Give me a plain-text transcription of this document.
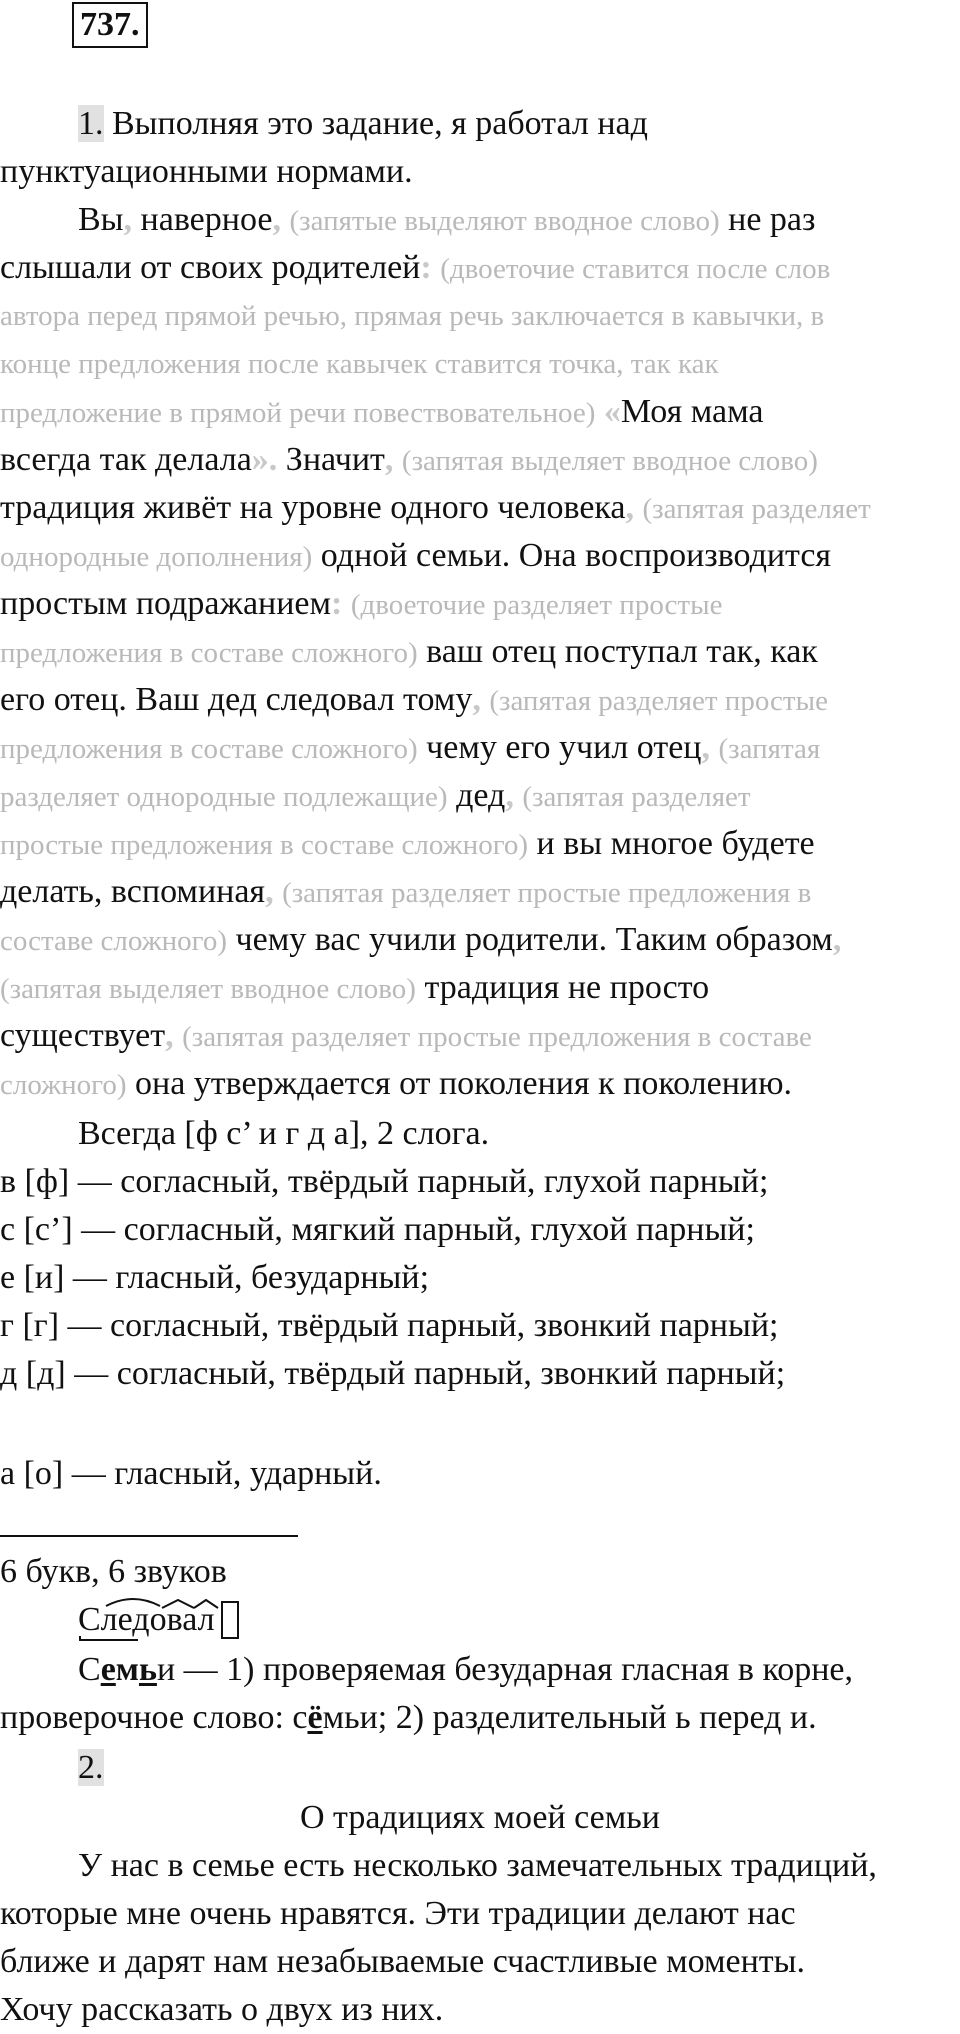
737.
1. Выполняя это задание, я работал над
пунктуационными нормами.
Вы, наверное, (запятые выделяют вводное слово) не раз
слышали от своих родителей: (двоеточие ставится после слов
автора перед прямой речью, прямая речь заключается в кавычки, в
конце предложения после кавычек ставится точка, так как
предложение в прямой речи повествовательное) «Моя мама
всегда так делала». Значит, (запятая выделяет вводное слово)
традиция живёт на уровне одного человека, (запятая разделяет
однородные дополнения) одной семьи. Она воспроизводится
простым подражанием: (двоеточие разделяет простые
предложения в составе сложного) ваш отец поступал так, как
его отец. Ваш дед следовал тому, (запятая разделяет простые
предложения в составе сложного) чему его учил отец, (запятая
разделяет однородные подлежащие) дед, (запятая разделяет
простые предложения в составе сложного) и вы многое будете
делать, вспоминая, (запятая разделяет простые предложения в
составе сложного) чему вас учили родители. Таким образом,
(запятая выделяет вводное слово) традиция не просто
существует, (запятая разделяет простые предложения в составе
сложного) она утверждается от поколения к поколению.
Всегда [ф с’ и г д а], 2 слога.
в [ф] — согласный, твёрдый парный, глухой парный;
с [с’] — согласный, мягкий парный, глухой парный;
е [и] — гласный, безударный;
г [г] — согласный, твёрдый парный, звонкий парный;
д [д] — согласный, твёрдый парный, звонкий парный;
а [о] — гласный, ударный.
6 букв, 6 звуков
Следовал
Семьи — 1) проверяемая безударная гласная в корне,
проверочное слово: сёмьи; 2) разделительный ь перед и.
2.
О традициях моей семьи
У нас в семье есть несколько замечательных традиций,
которые мне очень нравятся. Эти традиции делают нас
ближе и дарят нам незабываемые счастливые моменты.
Хочу рассказать о двух из них.
